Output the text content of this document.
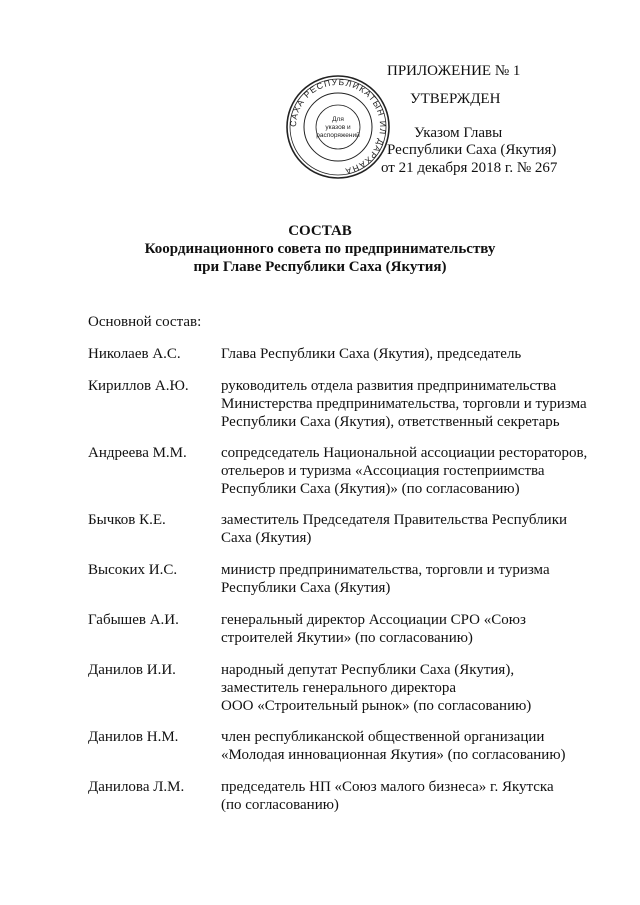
САХА РЕСПУБЛИКАТЫН ИЛ ДАРХАНА
Для
указов и
распоряжений
ПРИЛОЖЕНИЕ № 1
УТВЕРЖДЕН
Указом Главы
Республики Саха (Якутия)
от 21 декабря 2018 г. № 267
СОСТАВ
Координационного совета по предпринимательству
при Главе Республики Саха (Якутия)
Основной состав:
Николаев А.С.	Глава Республики Саха (Якутия), председатель
Кириллов А.Ю. руководитель отдела развития предпринимательства
Министерства предпринимательства, торговли и туризма
Республики Саха (Якутия), ответственный секретарь
Андреева М.М. сопредседатель Национальной ассоциации рестораторов,
отельеров и туризма «Ассоциация гостеприимства
Республики Саха (Якутия)» (по согласованию)
Бычков К.Е.	заместитель Председателя Правительства Республики
Саха (Якутия)
Высоких И.С.	министр предпринимательства, торговли и туризма
Республики Саха (Якутия)
Габышев А.И.	генеральный директор Ассоциации СРО «Союз
строителей Якутии» (по согласованию)
Данилов И.И.	народный депутат Республики Саха (Якутия),
заместитель генерального директора
ООО «Строительный рынок» (по согласованию)
Данилов Н.М.	член республиканской общественной организации
«Молодая инновационная Якутия» (по согласованию)
Данилова Л.М. председатель НП «Союз малого бизнеса» г. Якутска
(по согласованию)
